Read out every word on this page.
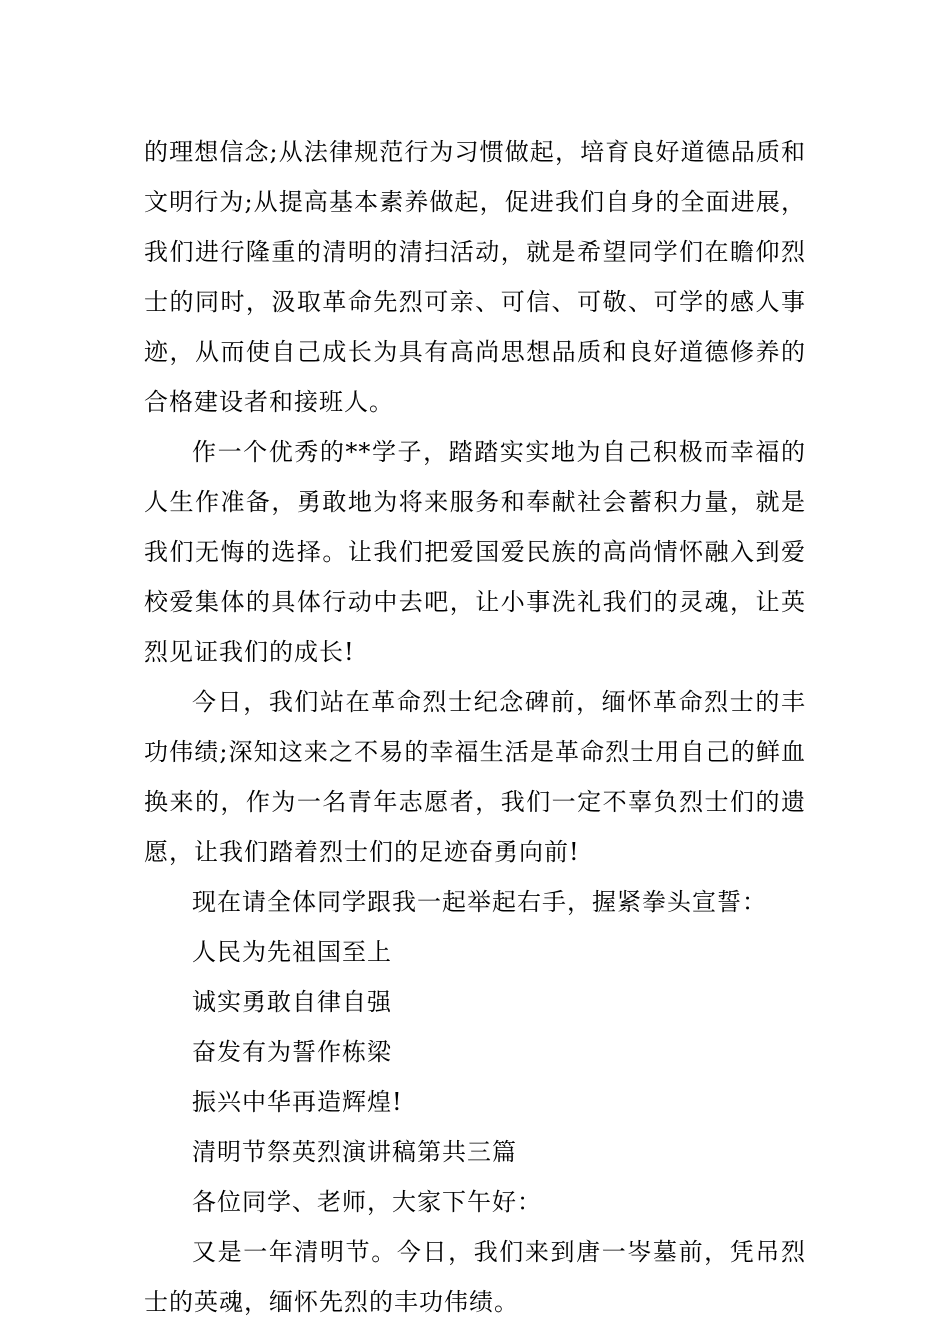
的理想信念;从法律规范行为习惯做起，培育良好道德品质和文明行为;从提高基本素养做起，促进我们自身的全面进展，我们进行隆重的清明的清扫活动，就是希望同学们在瞻仰烈士的同时，汲取革命先烈可亲、可信、可敬、可学的感人事迹，从而使自己成长为具有高尚思想品质和良好道德修养的合格建设者和接班人。

作一个优秀的**学子，踏踏实实地为自己积极而幸福的人生作准备，勇敢地为将来服务和奉献社会蓄积力量，就是我们无悔的选择。让我们把爱国爱民族的高尚情怀融入到爱校爱集体的具体行动中去吧，让小事洗礼我们的灵魂，让英烈见证我们的成长!

今日，我们站在革命烈士纪念碑前，缅怀革命烈士的丰功伟绩;深知这来之不易的幸福生活是革命烈士用自己的鲜血换来的，作为一名青年志愿者，我们一定不辜负烈士们的遗愿，让我们踏着烈士们的足迹奋勇向前!

现在请全体同学跟我一起举起右手，握紧拳头宣誓：

人民为先祖国至上

诚实勇敢自律自强

奋发有为誓作栋梁

振兴中华再造辉煌!

清明节祭英烈演讲稿第共三篇

各位同学、老师，大家下午好：

又是一年清明节。今日，我们来到唐一岑墓前，凭吊烈士的英魂，缅怀先烈的丰功伟绩。
